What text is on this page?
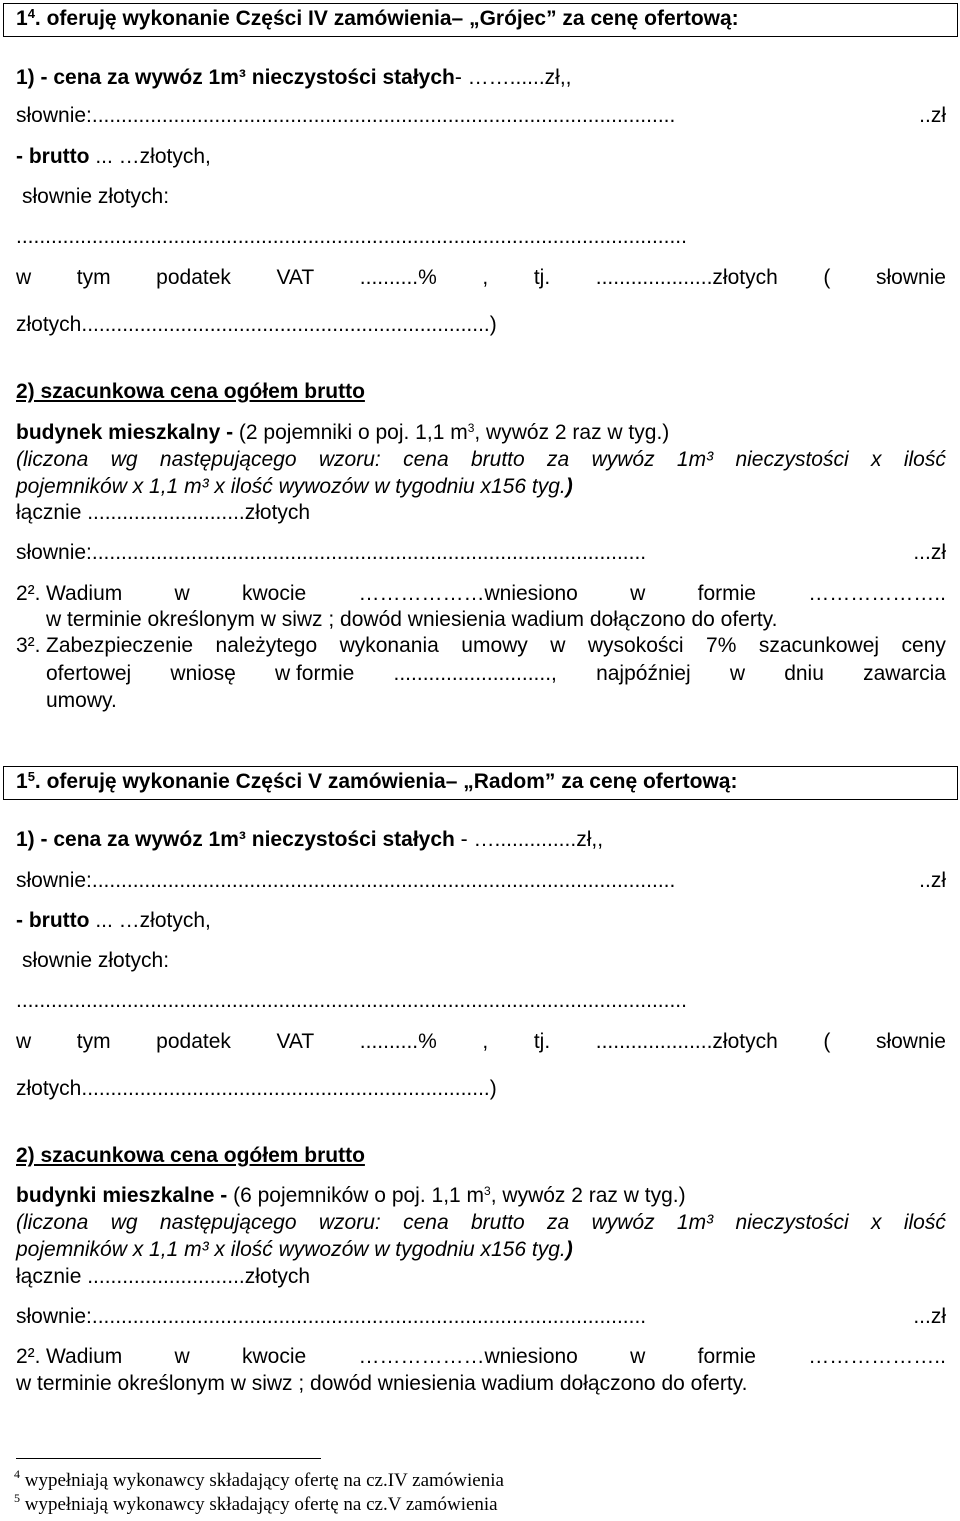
$1^4$. oferuję wykonanie Części IV zamówienia– „Grójec” za cenę ofertową:
1) - cena za wywóz 1m³ nieczystości stałych- ……......zł,,
słownie:....................................................................................................	..zł
- brutto ... …złotych,
słownie złotych:
...................................................................................................................
w tym podatek VAT ..........% , tj. ....................złotych ( słownie
złotych......................................................................)
2) szacunkowa cena ogółem brutto
budynek mieszkalny - (2 pojemniki o poj. 1,1 $m^3$, wywóz 2 raz w tyg.)
(liczona wg następującego wzoru: cena brutto za wywóz 1m³ nieczystości x ilość
pojemników x 1,1 m³ x ilość wywozów w tygodniu x156 tyg.)
łącznie ...........................złotych
słownie:...............................................................................................	...zł
2². Wadium w kwocie ………………wniesiono w formie ………………..
w terminie określonym w siwz ; dowód wniesienia wadium dołączono do oferty.
3². Zabezpieczenie należytego wykonania umowy w wysokości 7% szacunkowej ceny
ofertowej wniosę w formie ..........................., najpóźniej w dniu zawarcia
umowy.
$1^5$. oferuję wykonanie Części V zamówienia– „Radom” za cenę ofertową:
1) - cena za wywóz 1m³ nieczystości stałych - …..............zł,,
słownie:....................................................................................................	..zł
- brutto ... …złotych,
słownie złotych:
...................................................................................................................
w tym podatek VAT ..........% , tj. ....................złotych ( słownie
złotych......................................................................)
2) szacunkowa cena ogółem brutto
budynki mieszkalne - (6 pojemników o poj. 1,1 $m^3$, wywóz 2 raz w tyg.)
(liczona wg następującego wzoru: cena brutto za wywóz 1m³ nieczystości x ilość
pojemników x 1,1 m³ x ilość wywozów w tygodniu x156 tyg.)
łącznie ...........................złotych
słownie:...............................................................................................	...zł
2². Wadium w kwocie ………………wniesiono w formie ………………..
w terminie określonym w siwz ; dowód wniesienia wadium dołączono do oferty.
$^4$ wypełniają wykonawcy składający ofertę na cz.IV zamówienia
$^5$ wypełniają wykonawcy składający ofertę na cz.V zamówienia
